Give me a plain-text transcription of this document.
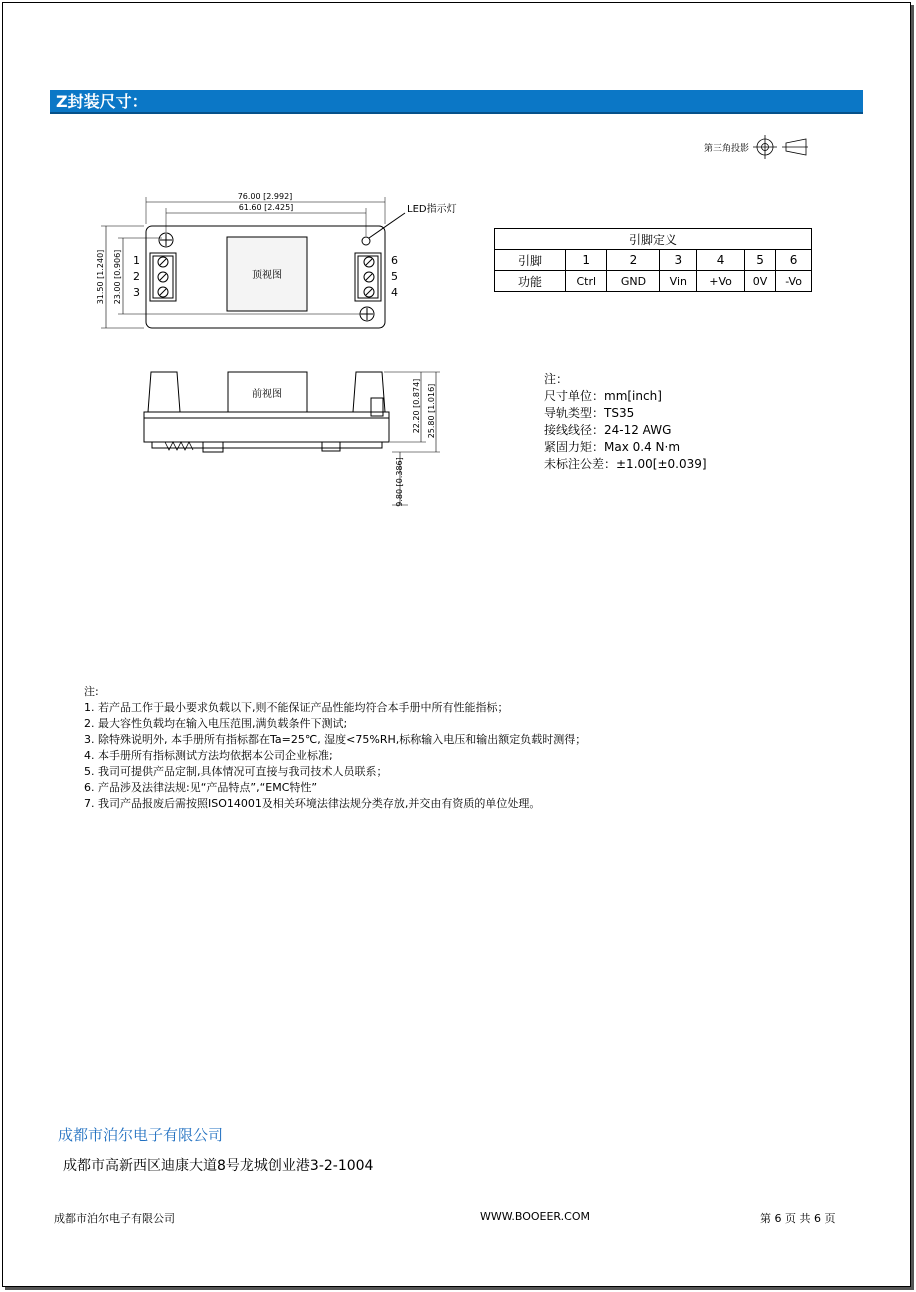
Z封装尺寸：
第三角投影
76.00 [2.992]
61.60 [2.425]	LED指示灯
31.50 [1.240] 23.00 [0.906]	顶视图
1
2
3
6
5
4
前视图	22.20 [0.874] 25.80 [1.016]
9.80 [0.386]
引脚定义						
引脚	1	2	3	4	5	6
功能	Ctrl	GND	Vin	+Vo	0V	-Vo
注：
尺寸单位：mm[inch]
导轨类型：TS35
接线线径：24-12 AWG
紧固力矩：Max 0.4 N·m
未标注公差：±1.00[±0.039]
注:
1. 若产品工作于最小要求负载以下,则不能保证产品性能均符合本手册中所有性能指标；
2. 最大容性负载均在输入电压范围,满负载条件下测试;
3. 除特殊说明外, 本手册所有指标都在Ta=25℃, 湿度<75%RH,标称输入电压和输出额定负载时测得；
4. 本手册所有指标测试方法均依据本公司企业标准;
5. 我司可提供产品定制,具体情况可直接与我司技术人员联系；
6. 产品涉及法律法规:见“产品特点”,“EMC特性”
7. 我司产品报废后需按照ISO14001及相关环境法律法规分类存放,并交由有资质的单位处理。
成都市泊尔电子有限公司
成都市高新西区迪康大道8号龙城创业港3-2-1004
成都市泊尔电子有限公司	WWW.BOOEER.COM	第 6 页 共 6 页
